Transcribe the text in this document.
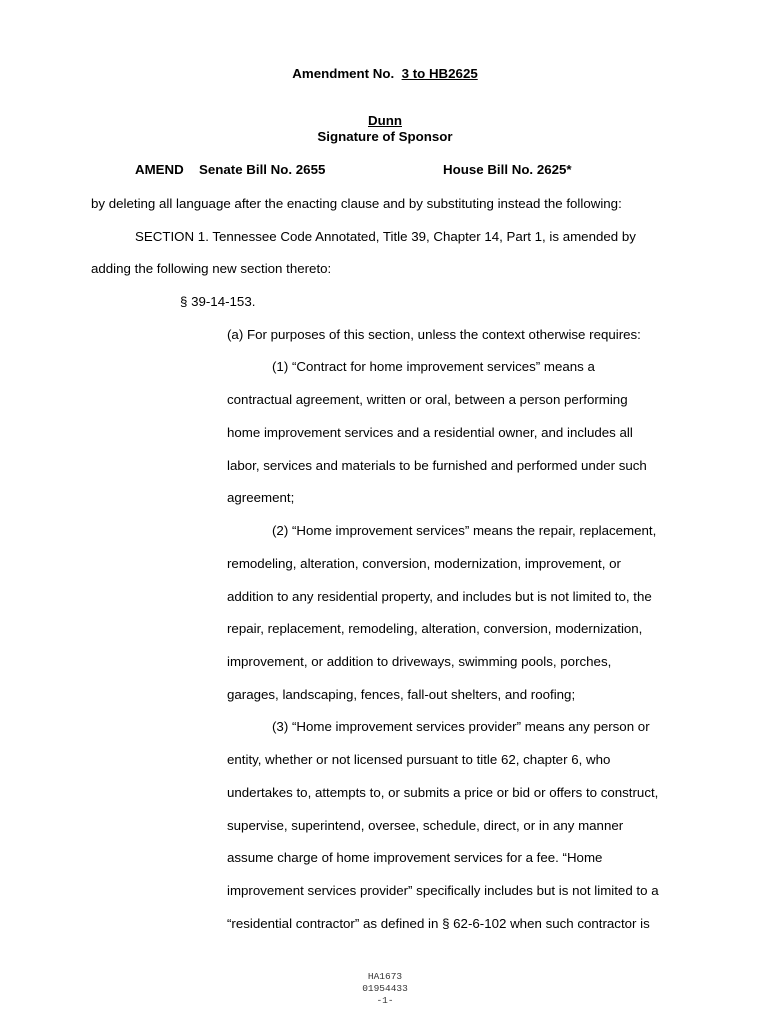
Amendment No. 3 to HB2625
Dunn
Signature of Sponsor
AMEND Senate Bill No. 2655	House Bill No. 2625*
by deleting all language after the enacting clause and by substituting instead the following:
SECTION 1. Tennessee Code Annotated, Title 39, Chapter 14, Part 1, is amended by
adding the following new section thereto:
§ 39-14-153.
(a) For purposes of this section, unless the context otherwise requires:
(1) “Contract for home improvement services” means a
contractual agreement, written or oral, between a person performing
home improvement services and a residential owner, and includes all
labor, services and materials to be furnished and performed under such
agreement;
(2) “Home improvement services” means the repair, replacement,
remodeling, alteration, conversion, modernization, improvement, or
addition to any residential property, and includes but is not limited to, the
repair, replacement, remodeling, alteration, conversion, modernization,
improvement, or addition to driveways, swimming pools, porches,
garages, landscaping, fences, fall-out shelters, and roofing;
(3) “Home improvement services provider” means any person or
entity, whether or not licensed pursuant to title 62, chapter 6, who
undertakes to, attempts to, or submits a price or bid or offers to construct,
supervise, superintend, oversee, schedule, direct, or in any manner
assume charge of home improvement services for a fee. “Home
improvement services provider” specifically includes but is not limited to a
“residential contractor” as defined in § 62-6-102 when such contractor is
HA1673
01954433
-1-
